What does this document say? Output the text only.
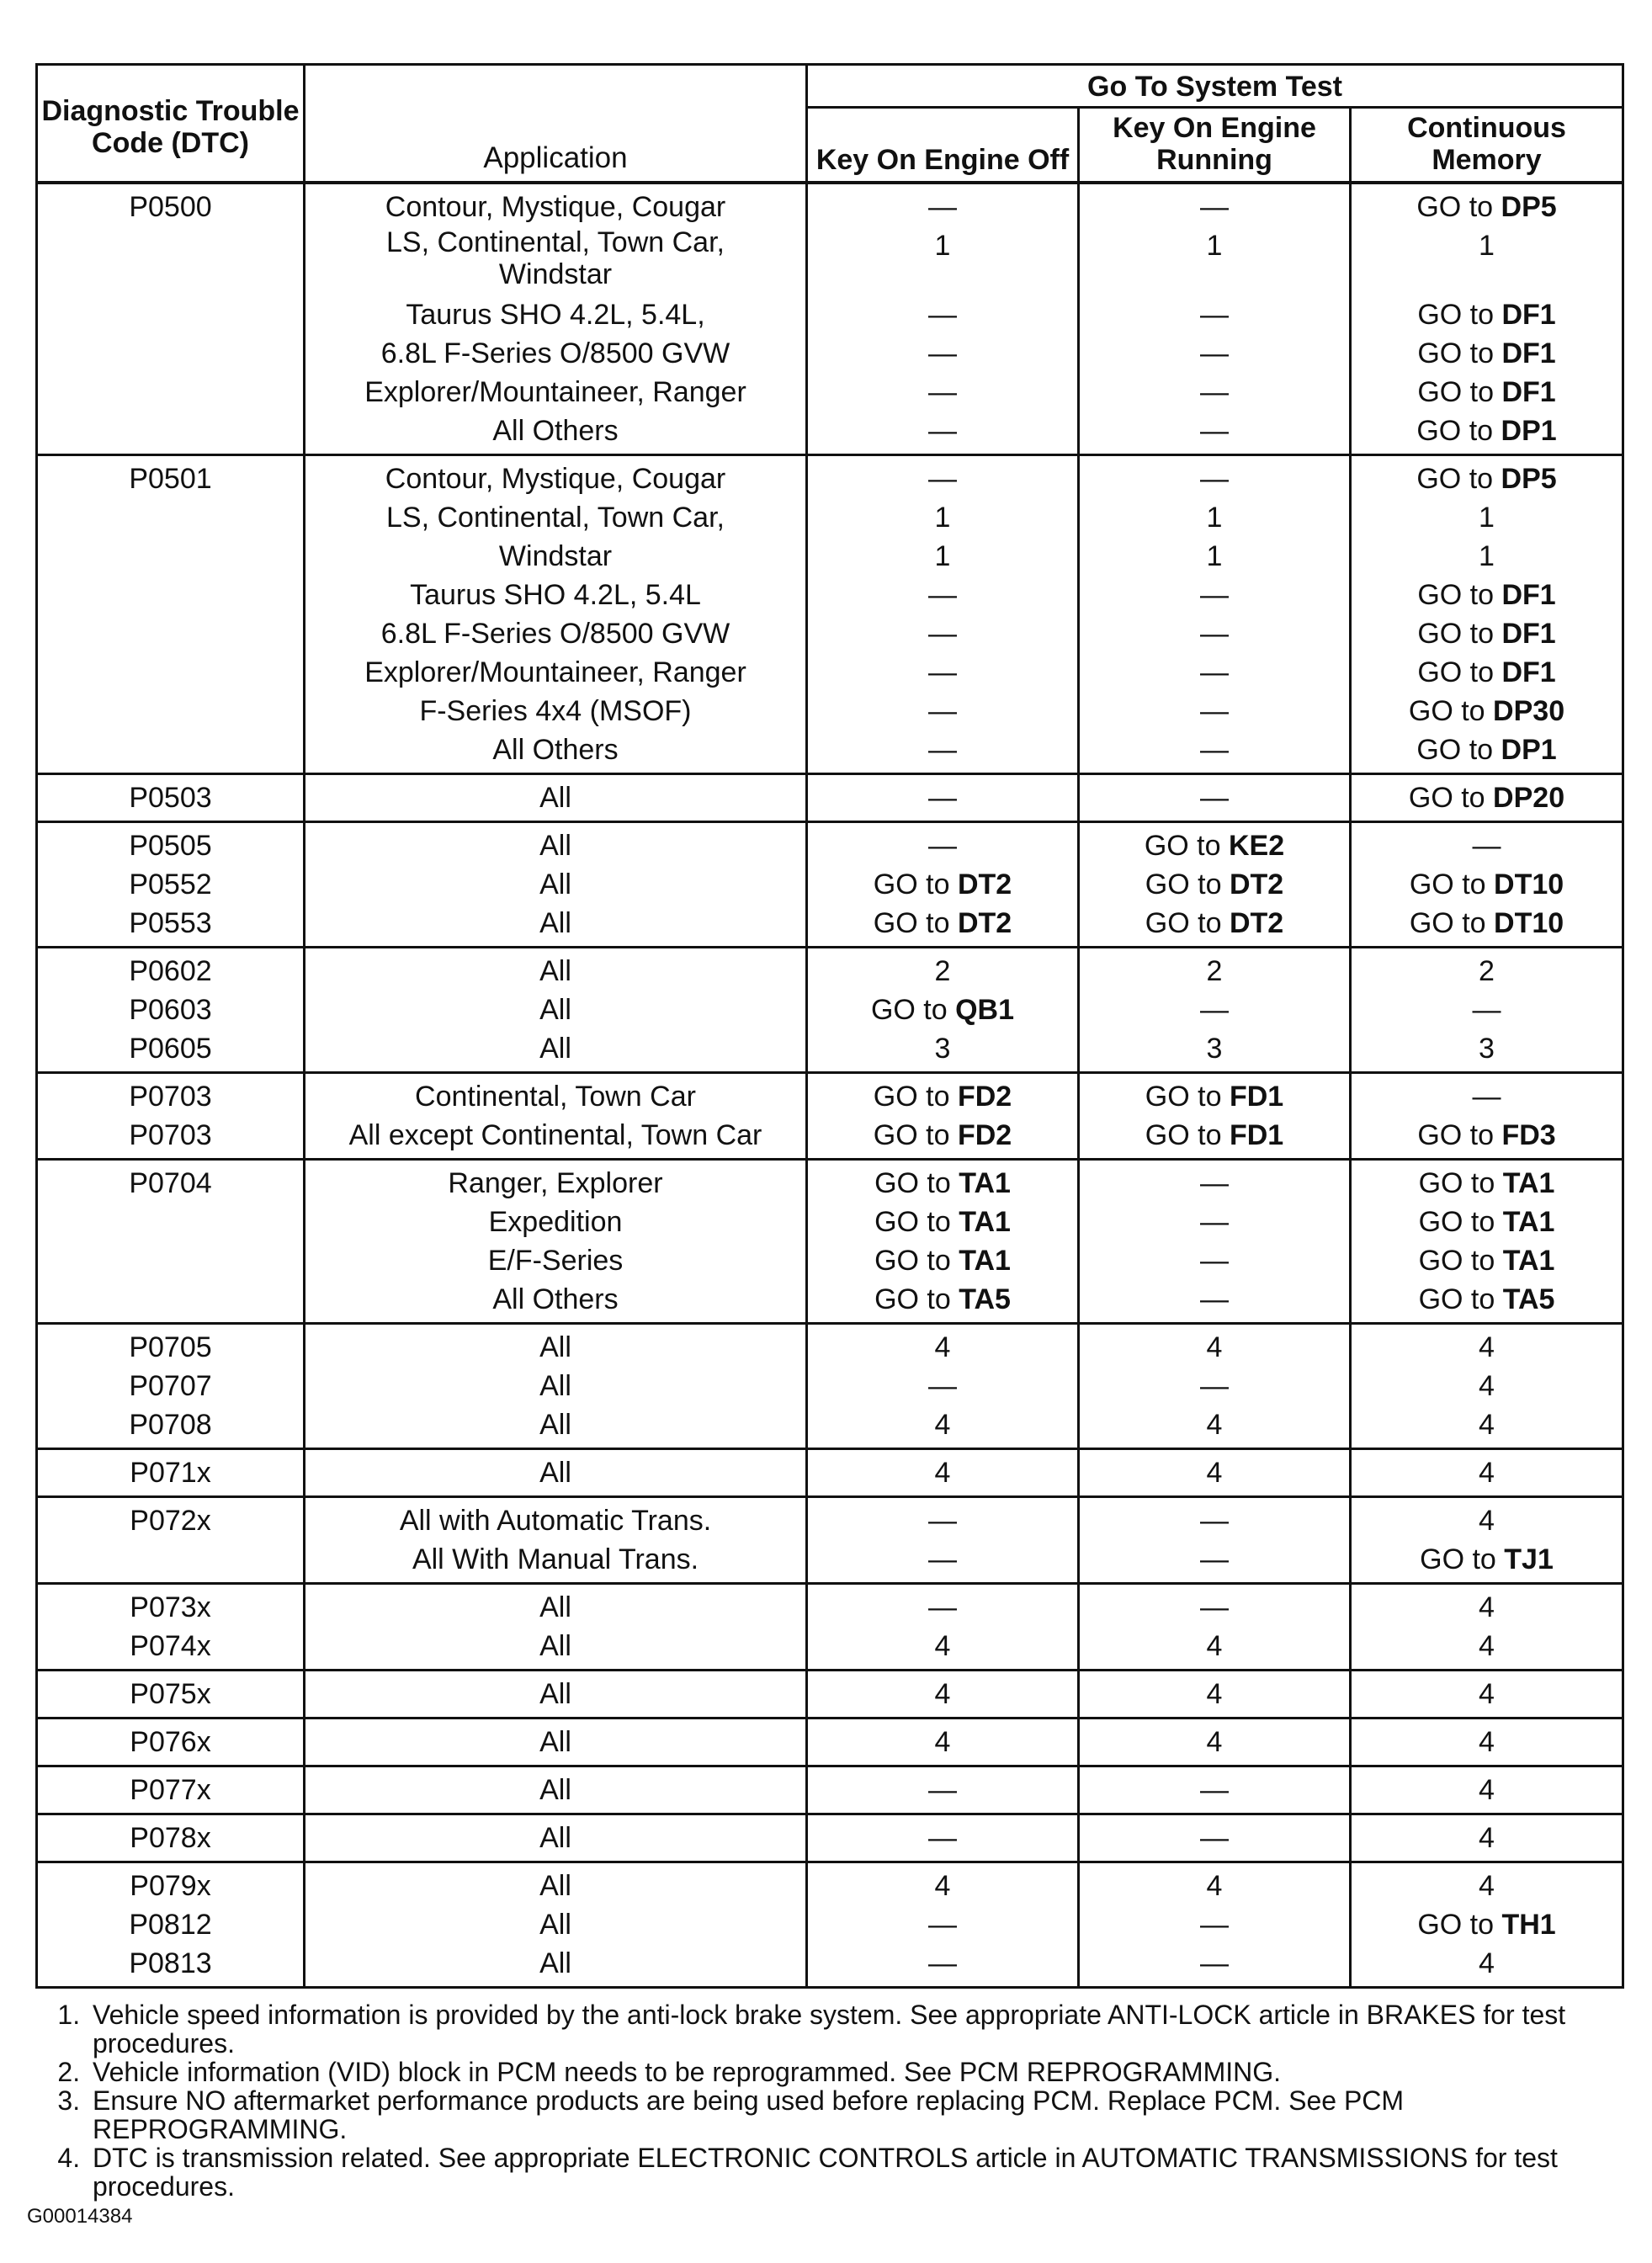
Diagnostic Trouble Code (DTC)	Application	Go To System Test		
		Key On Engine Off	Key On Engine Running	Continuous Memory
P0500	Contour, Mystique, Cougar	—	—	GO to DP5
	LS, Continental, Town Car, Windstar	1	1	1
	Taurus SHO 4.2L, 5.4L,	—	—	GO to DF1
	6.8L F-Series O/8500 GVW	—	—	GO to DF1
	Explorer/Mountaineer, Ranger	—	—	GO to DF1
	All Others	—	—	GO to DP1
P0501	Contour, Mystique, Cougar	—	—	GO to DP5
	LS, Continental, Town Car,	1	1	1
	Windstar	1	1	1
	Taurus SHO 4.2L, 5.4L	—	—	GO to DF1
	6.8L F-Series O/8500 GVW	—	—	GO to DF1
	Explorer/Mountaineer, Ranger	—	—	GO to DF1
	F-Series 4x4 (MSOF)	—	—	GO to DP30
	All Others	—	—	GO to DP1
P0503	All	—	—	GO to DP20
P0505	All	—	GO to KE2	—
P0552	All	GO to DT2	GO to DT2	GO to DT10
P0553	All	GO to DT2	GO to DT2	GO to DT10
P0602	All	2	2	2
P0603	All	GO to QB1	—	—
P0605	All	3	3	3
P0703	Continental, Town Car	GO to FD2	GO to FD1	—
P0703	All except Continental, Town Car	GO to FD2	GO to FD1	GO to FD3
P0704	Ranger, Explorer	GO to TA1	—	GO to TA1
	Expedition	GO to TA1	—	GO to TA1
	E/F-Series	GO to TA1	—	GO to TA1
	All Others	GO to TA5	—	GO to TA5
P0705	All	4	4	4
P0707	All	—	—	4
P0708	All	4	4	4
P071x	All	4	4	4
P072x	All with Automatic Trans.	—	—	4
	All With Manual Trans.	—	—	GO to TJ1
P073x	All	—	—	4
P074x	All	4	4	4
P075x	All	4	4	4
P076x	All	4	4	4
P077x	All	—	—	4
P078x	All	—	—	4
P079x	All	4	4	4
P0812	All	—	—	GO to TH1
P0813	All	—	—	4
1. Vehicle speed information is provided by the anti-lock brake system. See appropriate ANTI-LOCK article in BRAKES for test procedures.
2. Vehicle information (VID) block in PCM needs to be reprogrammed. See PCM REPROGRAMMING.
3. Ensure NO aftermarket performance products are being used before replacing PCM. Replace PCM. See PCM REPROGRAMMING.
4. DTC is transmission related. See appropriate ELECTRONIC CONTROLS article in AUTOMATIC TRANSMISSIONS for test procedures.
G00014384
